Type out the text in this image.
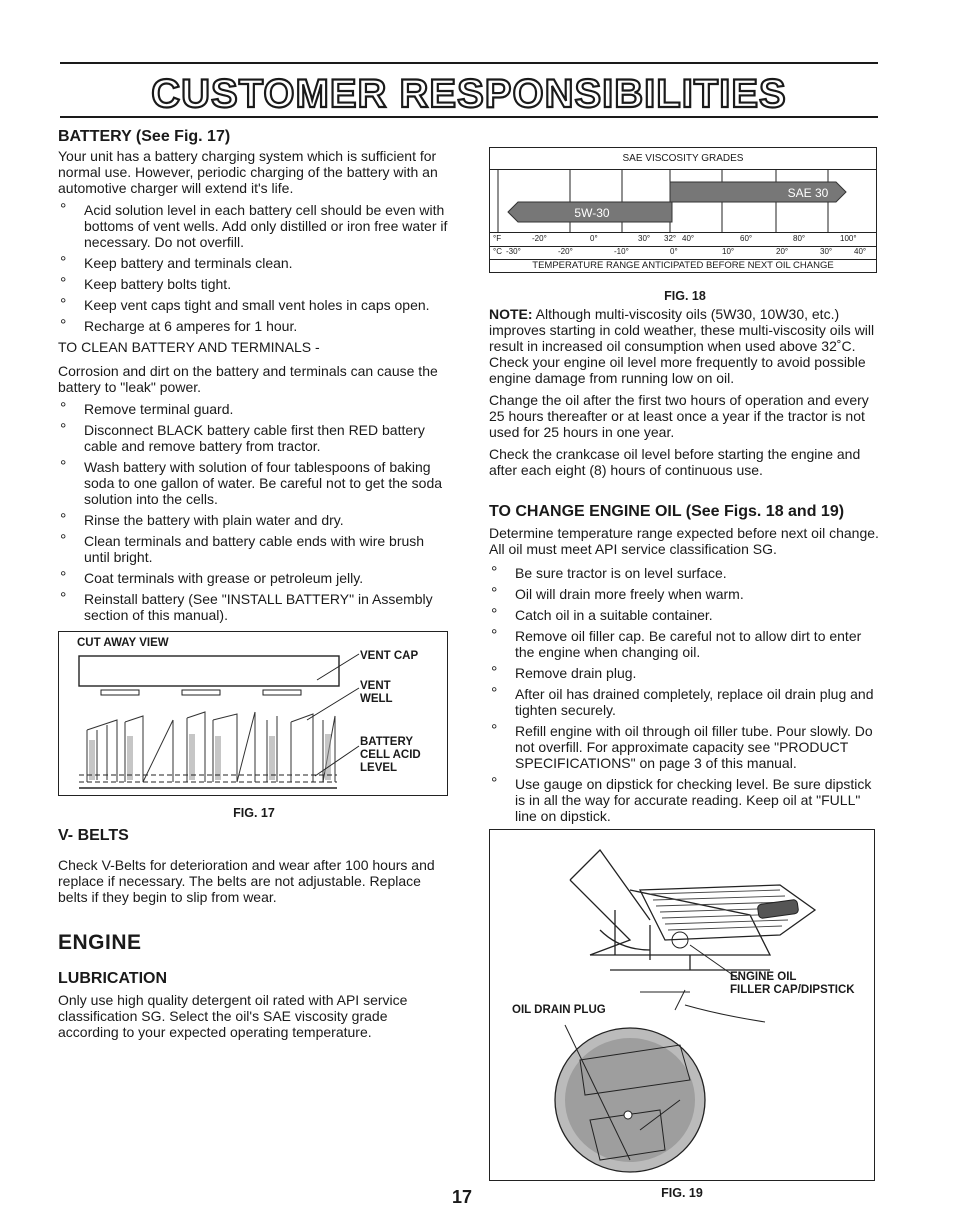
CUSTOMER RESPONSIBILITIES
BATTERY (See Fig. 17)

Your unit has a battery charging system which is sufficient for normal use. However, periodic charging of the battery with an automotive charger will extend it's life.

° Acid solution level in each battery cell should be even with bottoms of vent wells. Add only distilled or iron free water if necessary. Do not overfill.
° Keep battery and terminals clean.
° Keep battery bolts tight.
° Keep vent caps tight and small vent holes in caps open.
° Recharge at 6 amperes for 1 hour.

TO CLEAN BATTERY AND TERMINALS -

Corrosion and dirt on the battery and terminals can cause the battery to "leak" power.

° Remove terminal guard.
° Disconnect BLACK battery cable first then RED battery cable and remove battery from tractor.
° Wash battery with solution of four tablespoons of baking soda to one gallon of water. Be careful not to get the soda solution into the cells.
° Rinse the battery with plain water and dry.
° Clean terminals and battery cable ends with wire brush until bright.
° Coat terminals with grease or petroleum jelly.
° Reinstall battery (See "INSTALL BATTERY" in Assembly section of this manual).
CUT AWAY VIEW
VENT CAP
VENT
WELL
BATTERY
CELL ACID
LEVEL
FIG. 17
V- BELTS

Check V-Belts for deterioration and wear after 100 hours and replace if necessary. The belts are not adjustable. Replace belts if they begin to slip from wear.

ENGINE
LUBRICATION

Only use high quality detergent oil rated with API service classification SG. Select the oil's SAE viscosity grade according to your expected operating temperature.

SAE VISCOSITY GRADES
SAE 30
5W-30
°F	-20°	0°	30° 32° 40°	60°	80°	100°
°C -30°	-20°	-10°	0°	10°	20°	30°	40°
TEMPERATURE RANGE ANTICIPATED BEFORE NEXT OIL CHANGE
FIG. 18

NOTE: Although multi-viscosity oils (5W30, 10W30, etc.) improves starting in cold weather, these multi-viscosity oils will result in increased oil consumption when used above 32˚C. Check your engine oil level more frequently to avoid possible engine damage from running low on oil.

Change the oil after the first two hours of operation and every 25 hours thereafter or at least once a year if the tractor is not used for 25 hours in one year.

Check the crankcase oil level before starting the engine and after each eight (8) hours of continuous use.

TO CHANGE ENGINE OIL (See Figs. 18 and 19)

Determine temperature range expected before next oil change. All oil must meet API service classification SG.

° Be sure tractor is on level surface.
° Oil will drain more freely when warm.
° Catch oil in a suitable container.
° Remove oil filler cap. Be careful not to allow dirt to enter the engine when changing oil.
° Remove drain plug.
° After oil has drained completely, replace oil drain plug and tighten securely.
° Refill engine with oil through oil filler tube. Pour slowly. Do not overfill. For approximate capacity see "PRODUCT SPECIFICATIONS" on page 3 of this manual.
° Use gauge on dipstick for checking level. Be sure dipstick is in all the way for accurate reading. Keep oil at "FULL" line on dipstick.
ENGINE OIL
FILLER CAP/DIPSTICK
OIL DRAIN PLUG
FIG. 19
17
